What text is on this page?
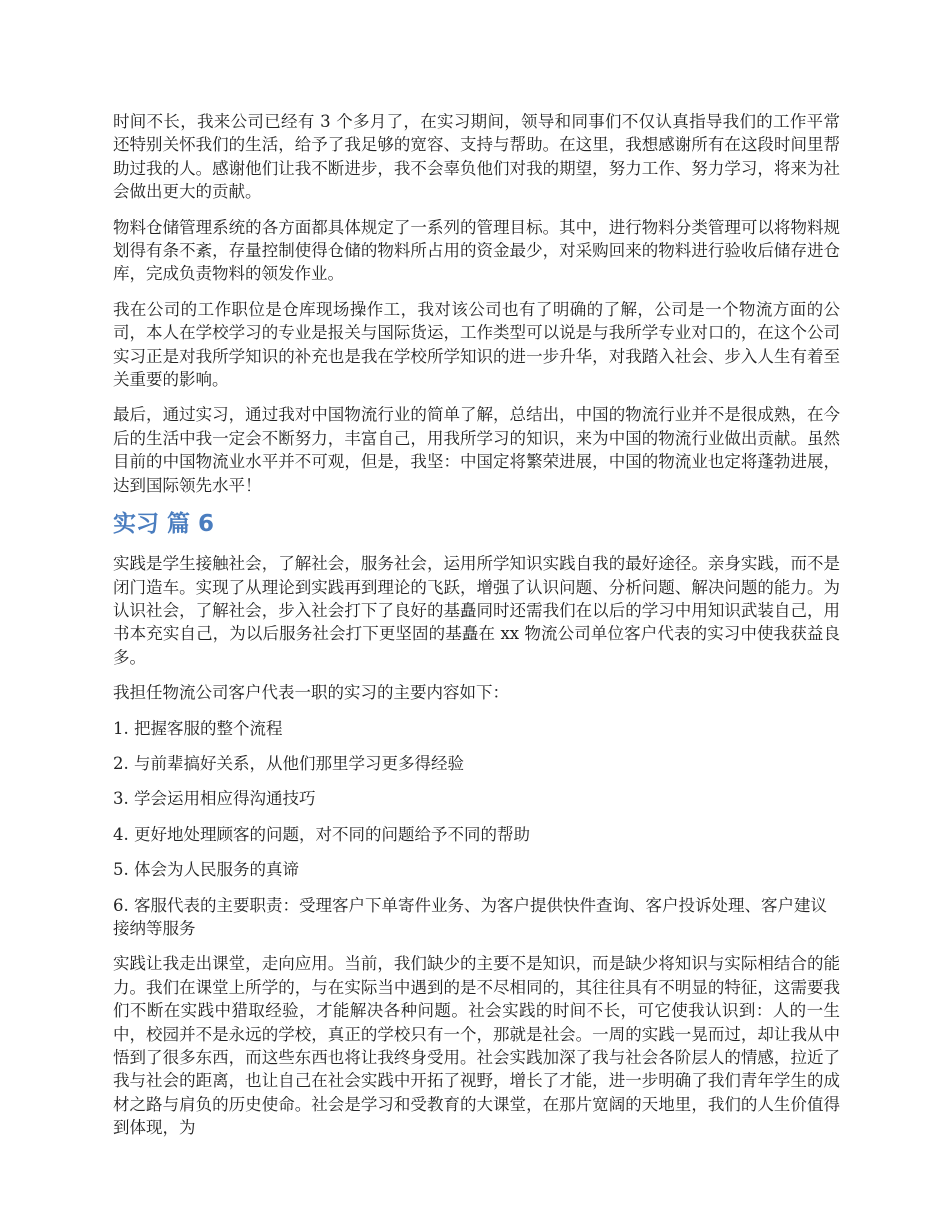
时间不长，我来公司已经有 3 个多月了，在实习期间，领导和同事们不仅认真指导我们的工作平常还特别关怀我们的生活，给予了我足够的宽容、支持与帮助。在这里，我想感谢所有在这段时间里帮助过我的人。感谢他们让我不断进步，我不会辜负他们对我的期望，努力工作、努力学习，将来为社会做出更大的贡献。

物料仓储管理系统的各方面都具体规定了一系列的管理目标。其中，进行物料分类管理可以将物料规划得有条不紊，存量控制使得仓储的物料所占用的资金最少，对采购回来的物料进行验收后储存进仓库，完成负责物料的领发作业。

我在公司的工作职位是仓库现场操作工，我对该公司也有了明确的了解，公司是一个物流方面的公司，本人在学校学习的专业是报关与国际货运，工作类型可以说是与我所学专业对口的，在这个公司实习正是对我所学知识的补充也是我在学校所学知识的进一步升华，对我踏入社会、步入人生有着至关重要的影响。

最后，通过实习，通过我对中国物流行业的简单了解，总结出，中国的物流行业并不是很成熟，在今后的生活中我一定会不断努力，丰富自己，用我所学习的知识，来为中国的物流行业做出贡献。虽然目前的中国物流业水平并不可观，但是，我坚：中国定将繁荣进展，中国的物流业也定将蓬勃进展，达到国际领先水平！

实习 篇 6

实践是学生接触社会，了解社会，服务社会，运用所学知识实践自我的最好途径。亲身实践，而不是闭门造车。实现了从理论到实践再到理论的飞跃，增强了认识问题、分析问题、解决问题的能力。为认识社会，了解社会，步入社会打下了良好的基矗同时还需我们在以后的学习中用知识武装自己，用书本充实自己，为以后服务社会打下更坚固的基矗在 xx 物流公司单位客户代表的实习中使我获益良多。

我担任物流公司客户代表一职的实习的主要内容如下：

1. 把握客服的整个流程

2. 与前辈搞好关系，从他们那里学习更多得经验

3. 学会运用相应得沟通技巧

4. 更好地处理顾客的问题，对不同的问题给予不同的帮助

5. 体会为人民服务的真谛

6. 客服代表的主要职责：受理客户下单寄件业务、为客户提供快件查询、客户投诉处理、客户建议接纳等服务

实践让我走出课堂，走向应用。当前，我们缺少的主要不是知识，而是缺少将知识与实际相结合的能力。我们在课堂上所学的，与在实际当中遇到的是不尽相同的，其往往具有不明显的特征，这需要我们不断在实践中猎取经验，才能解决各种问题。社会实践的时间不长，可它使我认识到：人的一生中，校园并不是永远的学校，真正的学校只有一个，那就是社会。一周的实践一晃而过，却让我从中悟到了很多东西，而这些东西也将让我终身受用。社会实践加深了我与社会各阶层人的情感，拉近了我与社会的距离，也让自己在社会实践中开拓了视野，增长了才能，进一步明确了我们青年学生的成材之路与肩负的历史使命。社会是学习和受教育的大课堂，在那片宽阔的天地里，我们的人生价值得到体现，为
